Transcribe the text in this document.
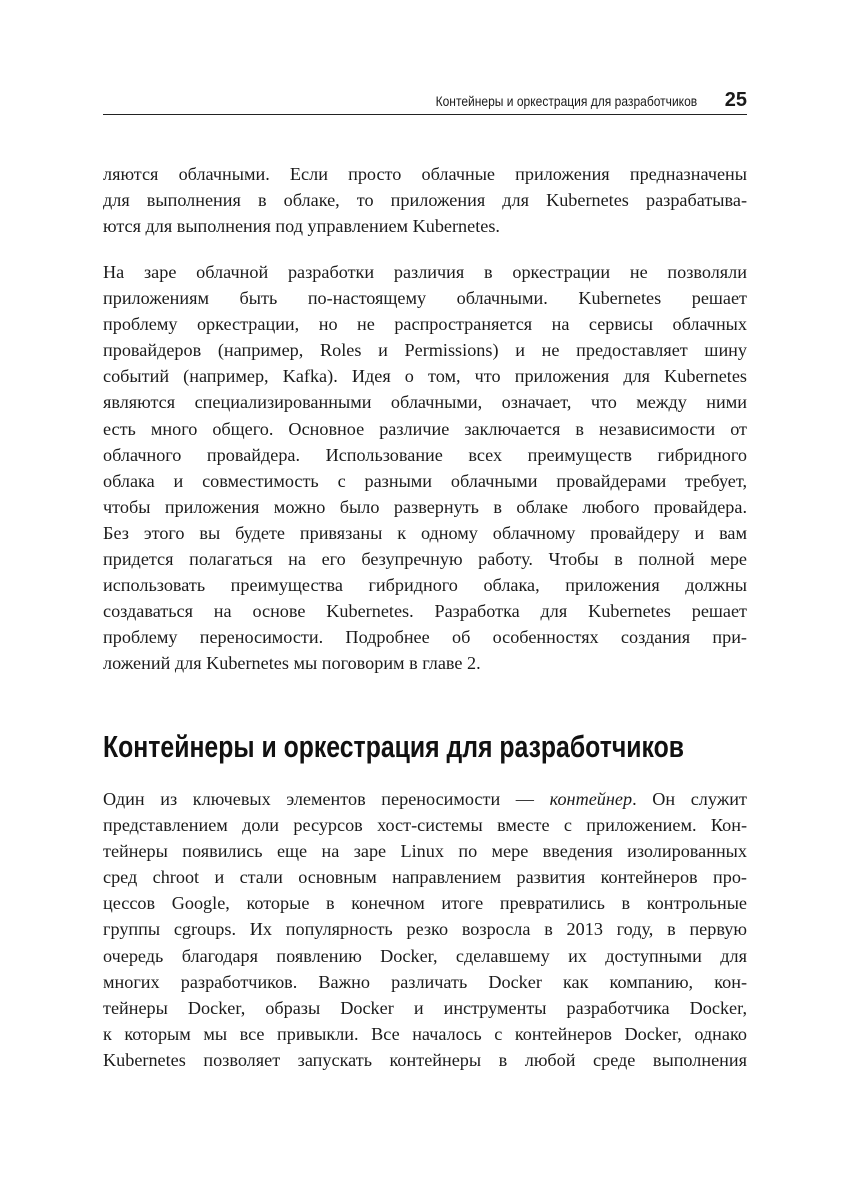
Контейнеры и оркестрация для разработчиков 25
ляются облачными. Если просто облачные приложения предназначены
для выполнения в облаке, то приложения для Kubernetes разрабатыва-
ются для выполнения под управлением Kubernetes.
На заре облачной разработки различия в оркестрации не позволяли
приложениям быть по-настоящему облачными. Kubernetes решает
проблему оркестрации, но не распространяется на сервисы облачных
провайдеров (например, Roles и Permissions) и не предоставляет шину
событий (например, Kafka). Идея о том, что приложения для Kubernetes
являются специализированными облачными, означает, что между ними
есть много общего. Основное различие заключается в независимости от
облачного провайдера. Использование всех преимуществ гибридного
облака и совместимость с разными облачными провайдерами требует,
чтобы приложения можно было развернуть в облаке любого провайдера.
Без этого вы будете привязаны к одному облачному провайдеру и вам
придется полагаться на его безупречную работу. Чтобы в полной мере
использовать преимущества гибридного облака, приложения должны
создаваться на основе Kubernetes. Разработка для Kubernetes решает
проблему переносимости. Подробнее об особенностях создания при-
ложений для Kubernetes мы поговорим в главе 2.
Контейнеры и оркестрация для разработчиков
Один из ключевых элементов переносимости — контейнер. Он служит
представлением доли ресурсов хост-системы вместе с приложением. Кон-
тейнеры появились еще на заре Linux по мере введения изолированных
сред chroot и стали основным направлением развития контейнеров про-
цессов Google, которые в конечном итоге превратились в контрольные
группы cgroups. Их популярность резко возросла в 2013 году, в первую
очередь благодаря появлению Docker, сделавшему их доступными для
многих разработчиков. Важно различать Docker как компанию, кон-
тейнеры Docker, образы Docker и инструменты разработчика Docker,
к которым мы все привыкли. Все началось с контейнеров Docker, однако
Kubernetes позволяет запускать контейнеры в любой среде выполнения
